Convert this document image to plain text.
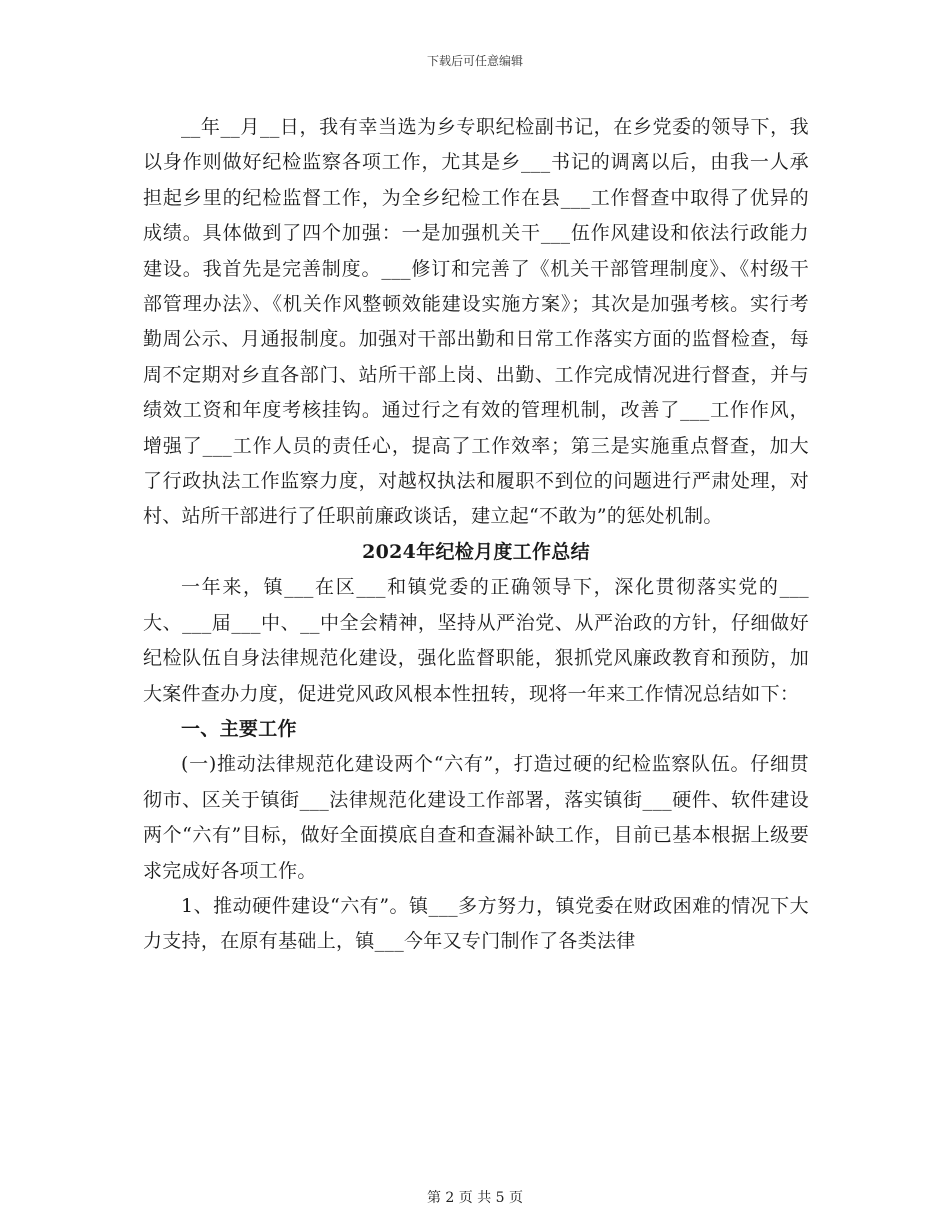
下载后可任意编辑

__年__月__日，我有幸当选为乡专职纪检副书记，在乡党委的领导下，我以身作则做好纪检监察各项工作，尤其是乡___书记的调离以后，由我一人承担起乡里的纪检监督工作，为全乡纪检工作在县___工作督查中取得了优异的成绩。具体做到了四个加强：一是加强机关干___伍作风建设和依法行政能力建设。我首先是完善制度。___修订和完善了《机关干部管理制度》、《村级干部管理办法》、《机关作风整顿效能建设实施方案》；其次是加强考核。实行考勤周公示、月通报制度。加强对干部出勤和日常工作落实方面的监督检查，每周不定期对乡直各部门、站所干部上岗、出勤、工作完成情况进行督查，并与绩效工资和年度考核挂钩。通过行之有效的管理机制，改善了___工作作风，增强了___工作人员的责任心，提高了工作效率；第三是实施重点督查，加大了行政执法工作监察力度，对越权执法和履职不到位的问题进行严肃处理，对村、站所干部进行了任职前廉政谈话，建立起“不敢为”的惩处机制。

2024年纪检月度工作总结

一年来，镇___在区___和镇党委的正确领导下，深化贯彻落实党的___大、___届___中、__中全会精神，坚持从严治党、从严治政的方针，仔细做好纪检队伍自身法律规范化建设，强化监督职能，狠抓党风廉政教育和预防，加大案件查办力度，促进党风政风根本性扭转，现将一年来工作情况总结如下：

一、主要工作

(一)推动法律规范化建设两个“六有”，打造过硬的纪检监察队伍。仔细贯彻市、区关于镇街___法律规范化建设工作部署，落实镇街___硬件、软件建设两个“六有”目标，做好全面摸底自查和查漏补缺工作，目前已基本根据上级要求完成好各项工作。

1、推动硬件建设“六有”。镇___多方努力，镇党委在财政困难的情况下大力支持，在原有基础上，镇___今年又专门制作了各类法律

第 2 页 共 5 页
